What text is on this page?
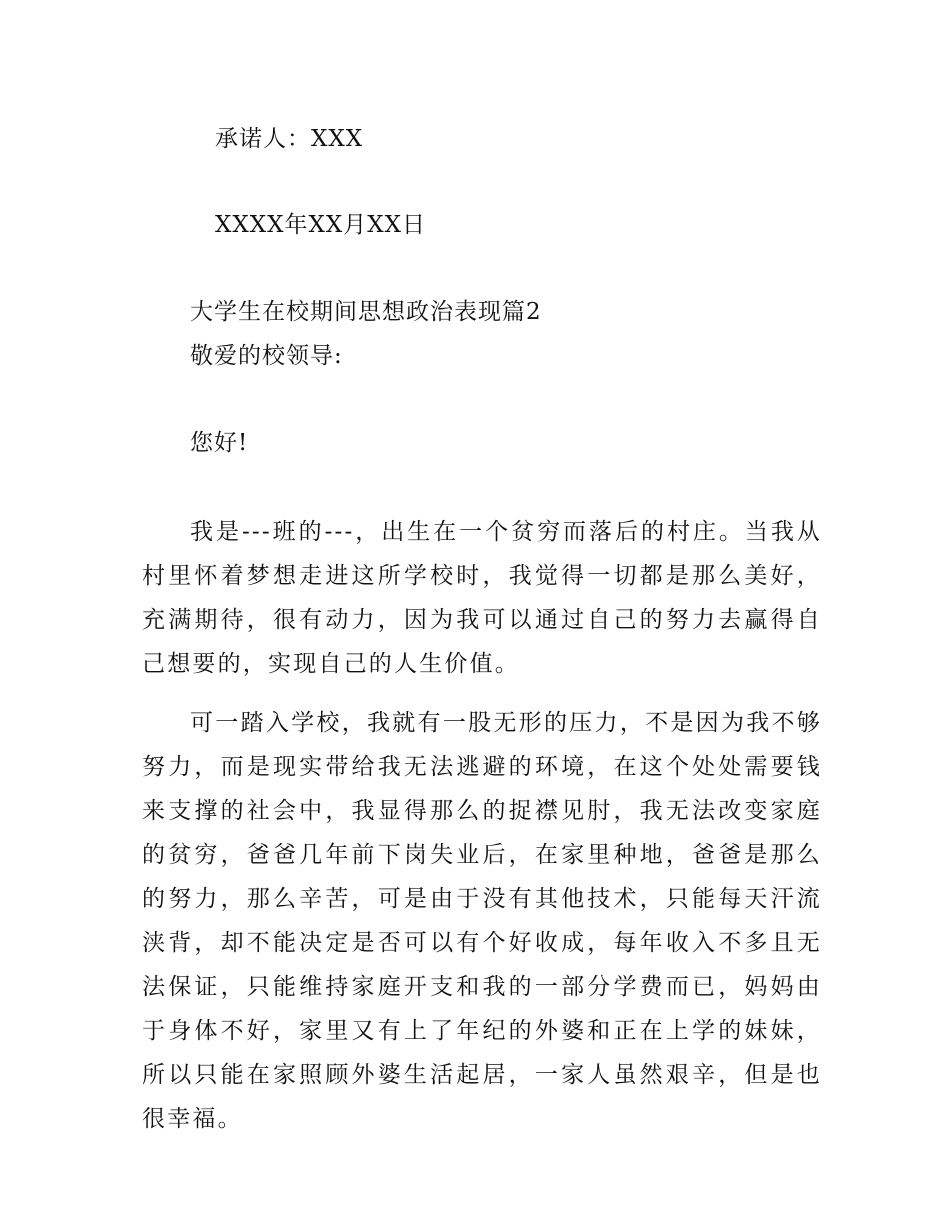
承诺人：XXX
XXXX年XX月XX日
大学生在校期间思想政治表现篇2
敬爱的校领导:
您好!
我是---班的---，出生在一个贫穷而落后的村庄。当我从村里怀着梦想走进这所学校时，我觉得一切都是那么美好，充满期待，很有动力，因为我可以通过自己的努力去赢得自己想要的，实现自己的人生价值。
可一踏入学校，我就有一股无形的压力，不是因为我不够努力，而是现实带给我无法逃避的环境，在这个处处需要钱来支撑的社会中，我显得那么的捉襟见肘，我无法改变家庭的贫穷，爸爸几年前下岗失业后，在家里种地，爸爸是那么的努力，那么辛苦，可是由于没有其他技术，只能每天汗流浃背，却不能决定是否可以有个好收成，每年收入不多且无法保证，只能维持家庭开支和我的一部分学费而已，妈妈由于身体不好，家里又有上了年纪的外婆和正在上学的妹妹，所以只能在家照顾外婆生活起居，一家人虽然艰辛，但是也很幸福。
